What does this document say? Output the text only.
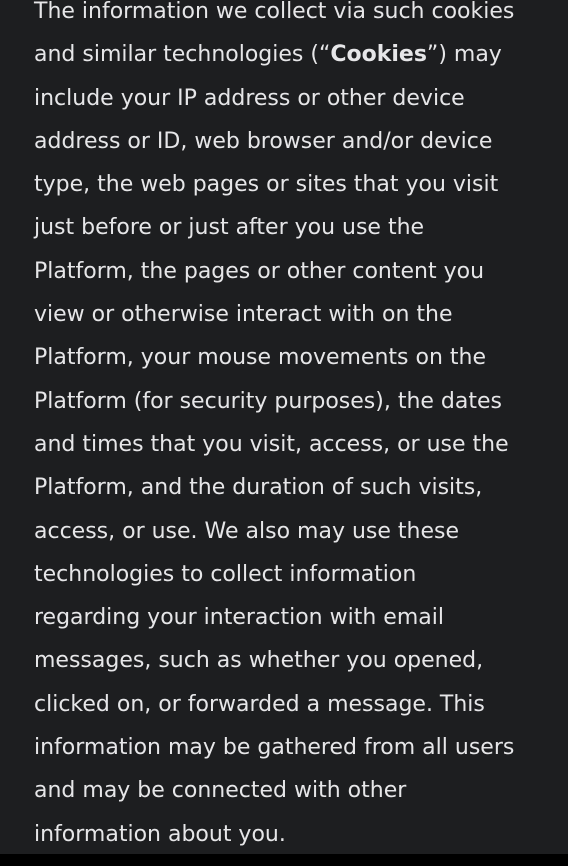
The information we collect via such cookies
and similar technologies (“Cookies”) may
include your IP address or other device
address or ID, web browser and/or device
type, the web pages or sites that you visit
just before or just after you use the
Platform, the pages or other content you
view or otherwise interact with on the
Platform, your mouse movements on the
Platform (for security purposes), the dates
and times that you visit, access, or use the
Platform, and the duration of such visits,
access, or use. We also may use these
technologies to collect information
regarding your interaction with email
messages, such as whether you opened,
clicked on, or forwarded a message. This
information may be gathered from all users
and may be connected with other
information about you.
